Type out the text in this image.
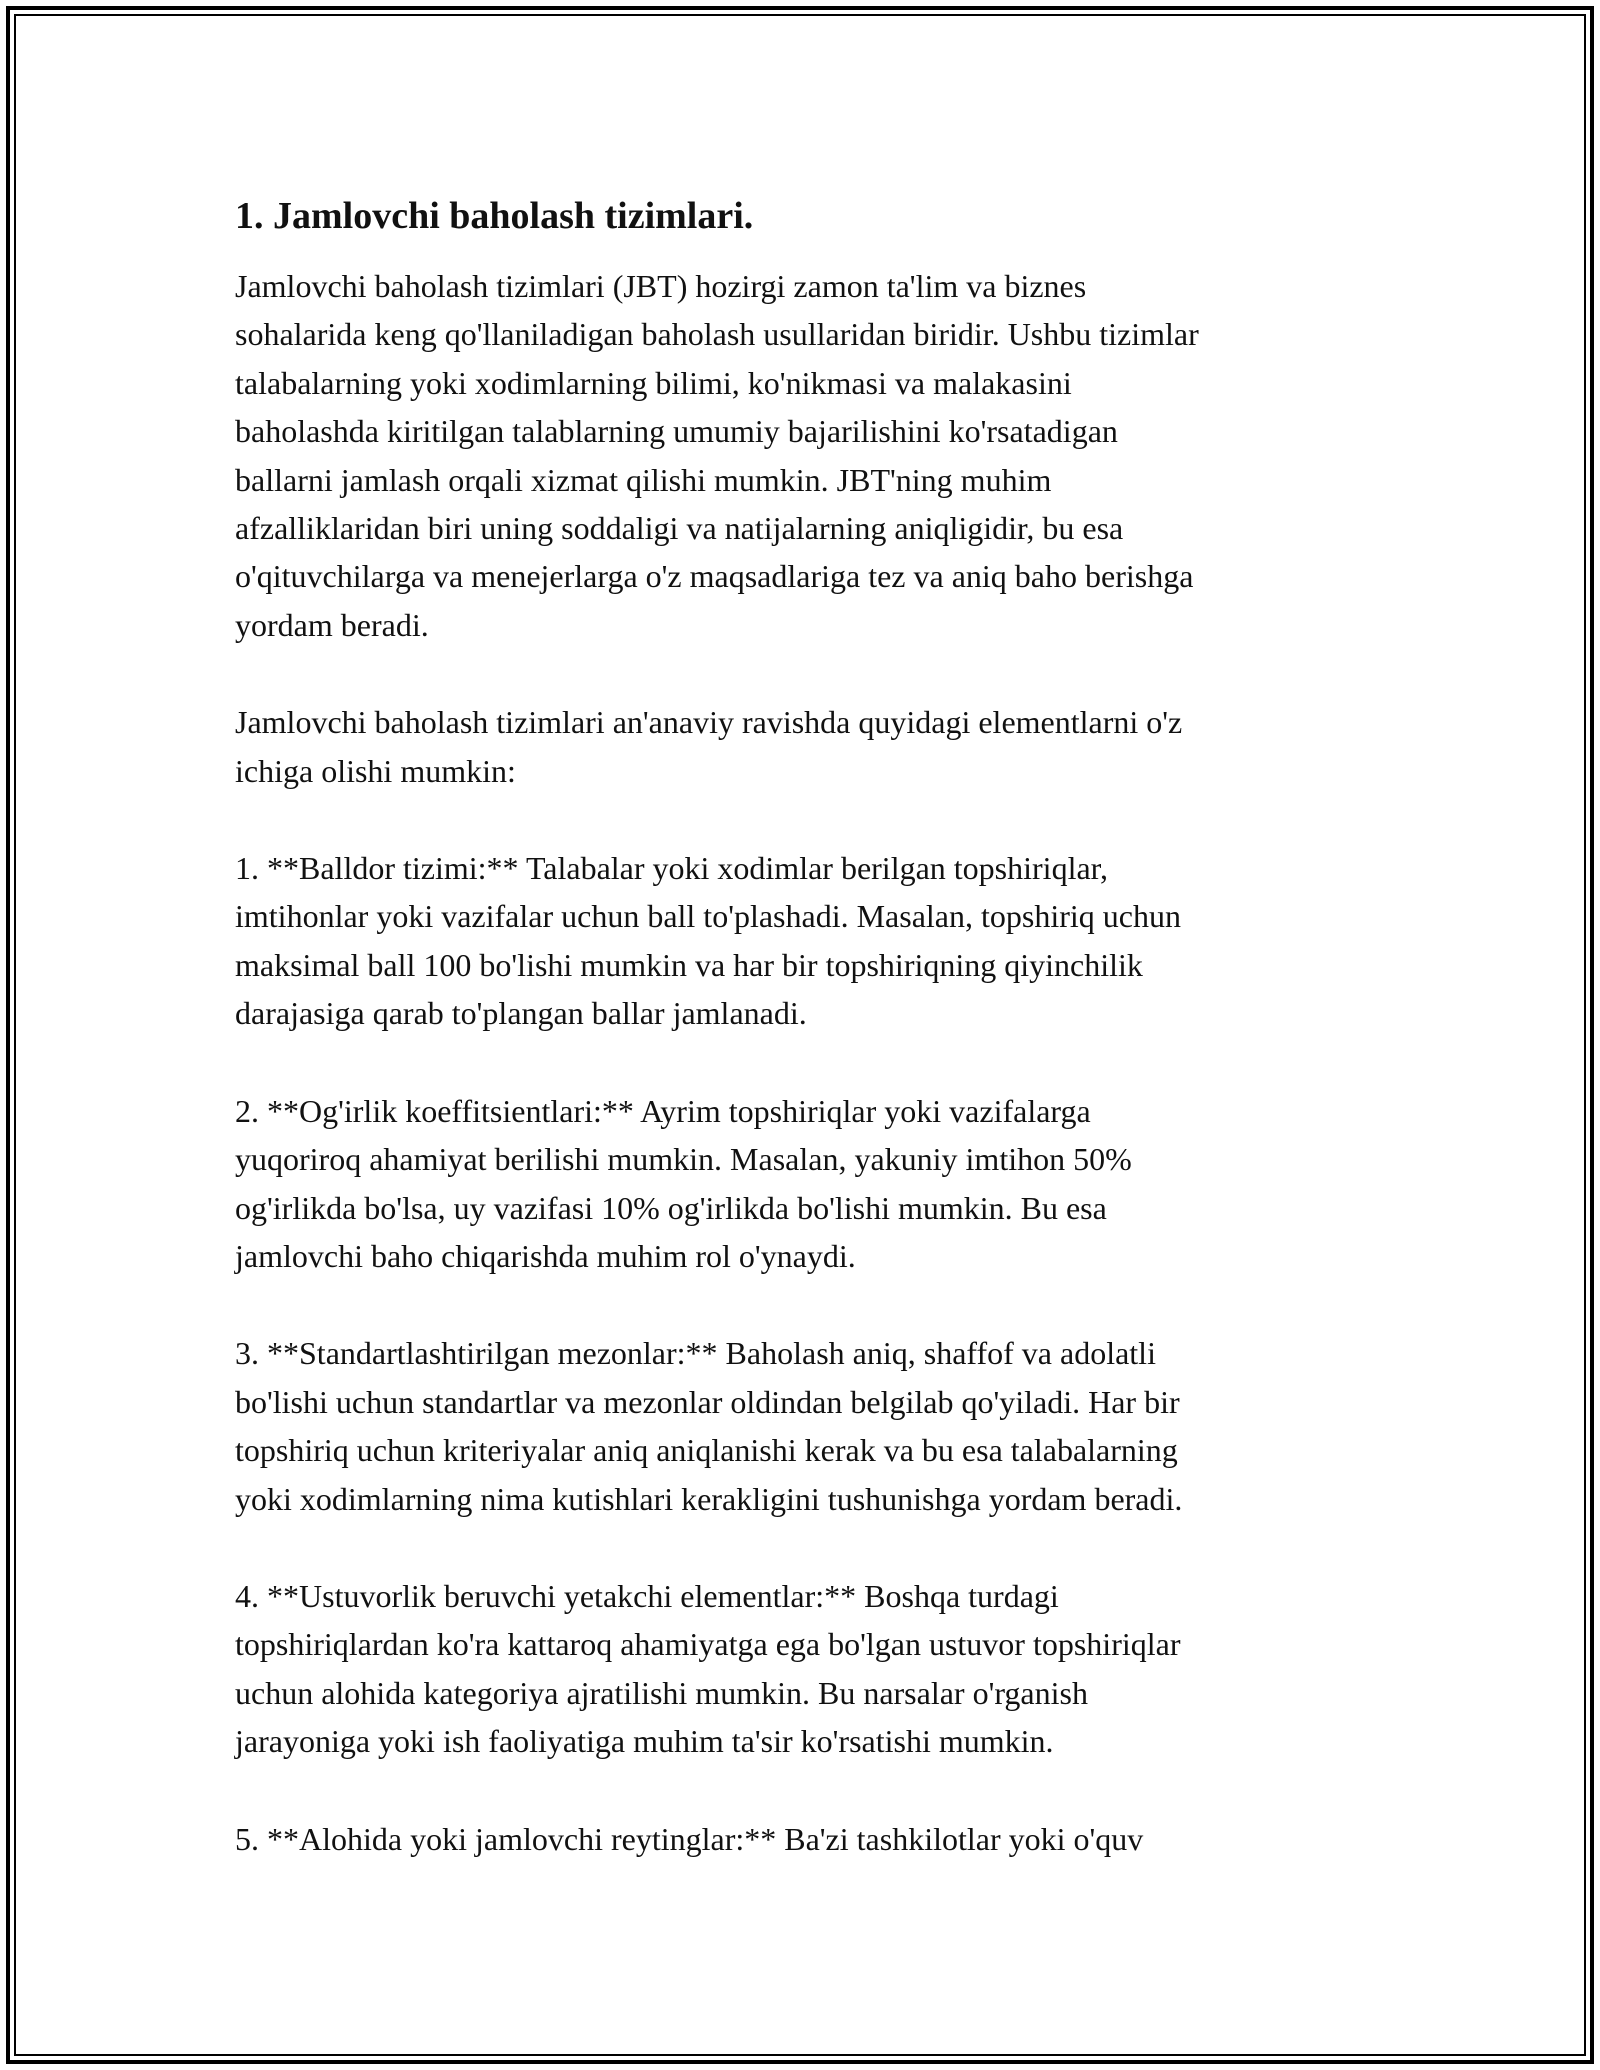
1. Jamlovchi baholash tizimlari.

Jamlovchi baholash tizimlari (JBT) hozirgi zamon ta'lim va biznes
sohalarida keng qo'llaniladigan baholash usullaridan biridir. Ushbu tizimlar
talabalarning yoki xodimlarning bilimi, ko'nikmasi va malakasini
baholashda kiritilgan talablarning umumiy bajarilishini ko'rsatadigan
ballarni jamlash orqali xizmat qilishi mumkin. JBT'ning muhim
afzalliklaridan biri uning soddaligi va natijalarning aniqligidir, bu esa
o'qituvchilarga va menejerlarga o'z maqsadlariga tez va aniq baho berishga
yordam beradi.

Jamlovchi baholash tizimlari an'anaviy ravishda quyidagi elementlarni o'z
ichiga olishi mumkin:

1. **Balldor tizimi:** Talabalar yoki xodimlar berilgan topshiriqlar,
imtihonlar yoki vazifalar uchun ball to'plashadi. Masalan, topshiriq uchun
maksimal ball 100 bo'lishi mumkin va har bir topshiriqning qiyinchilik
darajasiga qarab to'plangan ballar jamlanadi.

2. **Og'irlik koeffitsientlari:** Ayrim topshiriqlar yoki vazifalarga
yuqoriroq ahamiyat berilishi mumkin. Masalan, yakuniy imtihon 50%
og'irlikda bo'lsa, uy vazifasi 10% og'irlikda bo'lishi mumkin. Bu esa
jamlovchi baho chiqarishda muhim rol o'ynaydi.

3. **Standartlashtirilgan mezonlar:** Baholash aniq, shaffof va adolatli
bo'lishi uchun standartlar va mezonlar oldindan belgilab qo'yiladi. Har bir
topshiriq uchun kriteriyalar aniq aniqlanishi kerak va bu esa talabalarning
yoki xodimlarning nima kutishlari kerakligini tushunishga yordam beradi.

4. **Ustuvorlik beruvchi yetakchi elementlar:** Boshqa turdagi
topshiriqlardan ko'ra kattaroq ahamiyatga ega bo'lgan ustuvor topshiriqlar
uchun alohida kategoriya ajratilishi mumkin. Bu narsalar o'rganish
jarayoniga yoki ish faoliyatiga muhim ta'sir ko'rsatishi mumkin.

5. **Alohida yoki jamlovchi reytinglar:** Ba'zi tashkilotlar yoki o'quv
